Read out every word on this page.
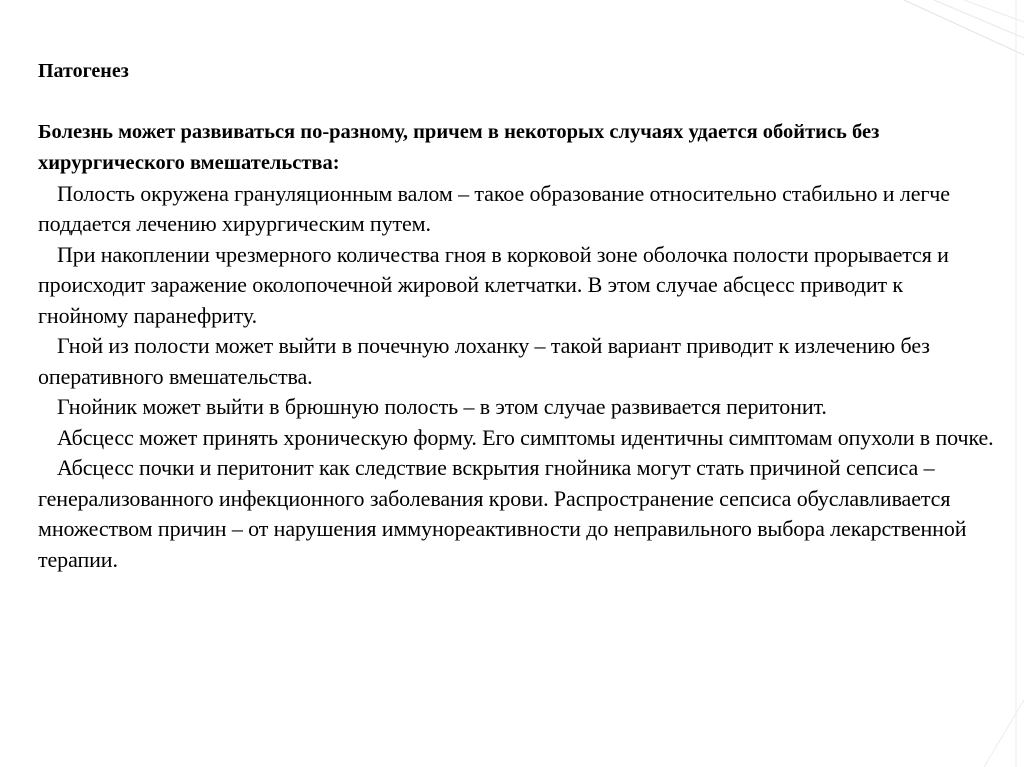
Патогенез

Болезнь может развиваться по-разному, причем в некоторых случаях удается обойтись без хирургического вмешательства:

Полость окружена грануляционным валом – такое образование относительно стабильно и легче поддается лечению хирургическим путем.

При накоплении чрезмерного количества гноя в корковой зоне оболочка полости прорывается и происходит заражение околопочечной жировой клетчатки. В этом случае абсцесс приводит к гнойному паранефриту.

Гной из полости может выйти в почечную лоханку – такой вариант приводит к излечению без оперативного вмешательства.

Гнойник может выйти в брюшную полость – в этом случае развивается перитонит.

Абсцесс может принять хроническую форму. Его симптомы идентичны симптомам опухоли в почке.

Абсцесс почки и перитонит как следствие вскрытия гнойника могут стать причиной сепсиса – генерализованного инфекционного заболевания крови. Распространение сепсиса обуславливается множеством причин – от нарушения иммунореактивности до неправильного выбора лекарственной терапии.
